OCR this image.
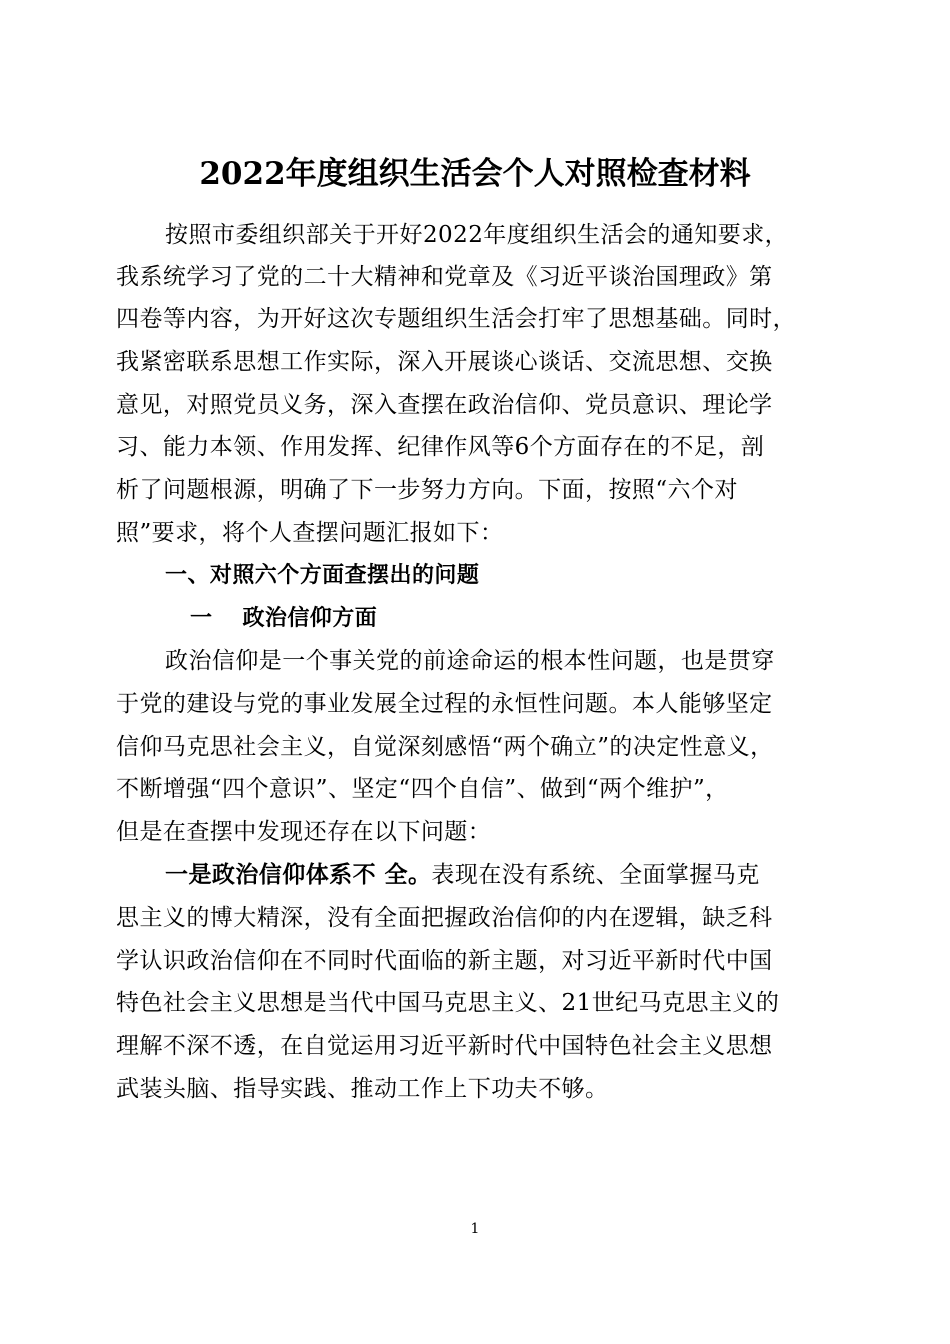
2022年度组织生活会个人对照检查材料
按照市委组织部关于开好2022年度组织生活会的通知要求，
我系统学习了党的二十大精神和党章及《习近平谈治国理政》第
四卷等内容，为开好这次专题组织生活会打牢了思想基础。同时，
我紧密联系思想工作实际，深入开展谈心谈话、交流思想、交换
意见，对照党员义务，深入查摆在政治信仰、党员意识、理论学
习、能力本领、作用发挥、纪律作风等6个方面存在的不足，剖
析了问题根源，明确了下一步努力方向。下面，按照“六个对
照”要求，将个人查摆问题汇报如下：
一、对照六个方面查摆出的问题
一 政治信仰方面
政治信仰是一个事关党的前途命运的根本性问题，也是贯穿
于党的建设与党的事业发展全过程的永恒性问题。本人能够坚定
信仰马克思社会主义，自觉深刻感悟“两个确立”的决定性意义，
不断增强“四个意识”、坚定“四个自信”、做到“两个维护”，
但是在查摆中发现还存在以下问题：
一是政治信仰体系不 全。表现在没有系统、全面掌握马克
思主义的博大精深，没有全面把握政治信仰的内在逻辑，缺乏科
学认识政治信仰在不同时代面临的新主题，对习近平新时代中国
特色社会主义思想是当代中国马克思主义、21世纪马克思主义的
理解不深不透，在自觉运用习近平新时代中国特色社会主义思想
武装头脑、指导实践、推动工作上下功夫不够。
1
